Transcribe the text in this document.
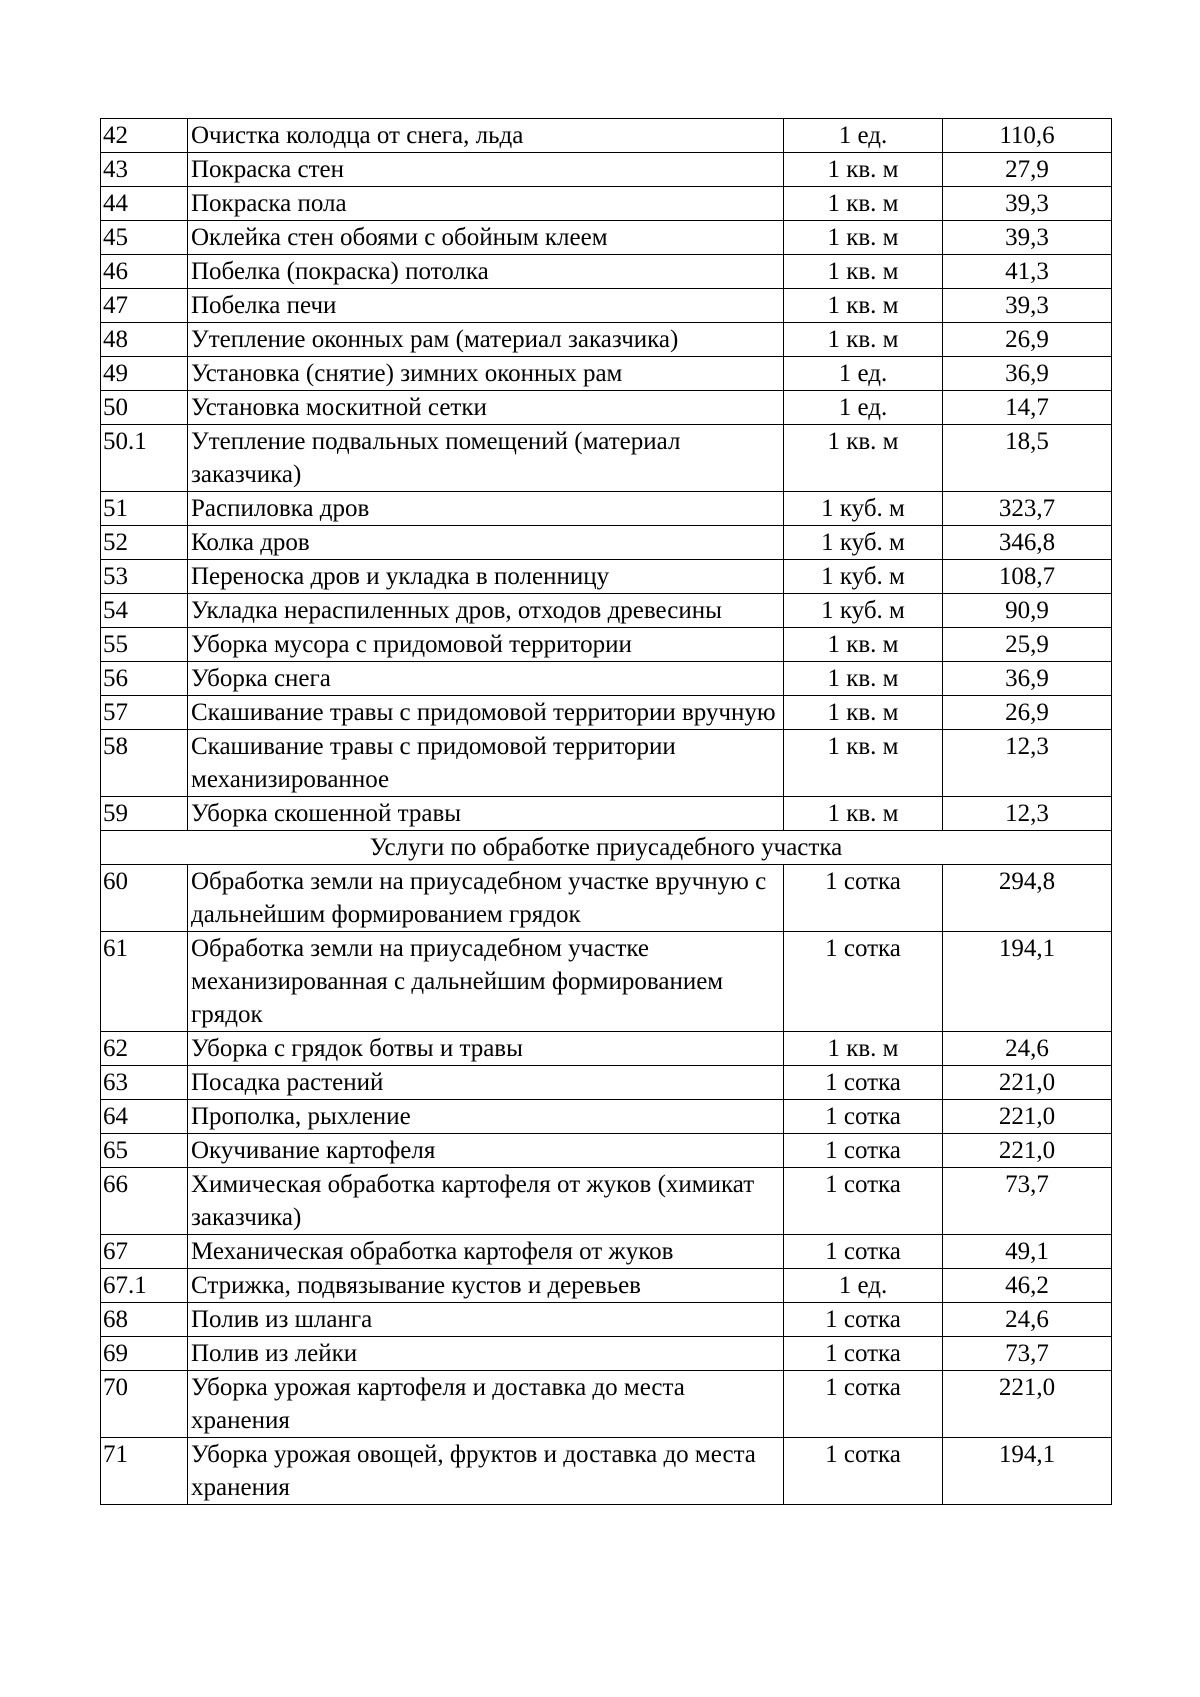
42	Очистка колодца от снега, льда	1 ед.	110,6
43	Покраска стен	1 кв. м	27,9
44	Покраска пола	1 кв. м	39,3
45	Оклейка стен обоями с обойным клеем	1 кв. м	39,3
46	Побелка (покраска) потолка	1 кв. м	41,3
47	Побелка печи	1 кв. м	39,3
48	Утепление оконных рам (материал заказчика)	1 кв. м	26,9
49	Установка (снятие) зимних оконных рам	1 ед.	36,9
50	Установка москитной сетки	1 ед.	14,7
50.1	Утепление подвальных помещений (материал заказчика)	1 кв. м	18,5
51	Распиловка дров	1 куб. м	323,7
52	Колка дров	1 куб. м	346,8
53	Переноска дров и укладка в поленницу	1 куб. м	108,7
54	Укладка нераспиленных дров, отходов древесины	1 куб. м	90,9
55	Уборка мусора с придомовой территории	1 кв. м	25,9
56	Уборка снега	1 кв. м	36,9
57	Скашивание травы с придомовой территории вручную	1 кв. м	26,9
58	Скашивание травы с придомовой территории механизированное	1 кв. м	12,3
59	Уборка скошенной травы	1 кв. м	12,3
Услуги по обработке приусадебного участка			
60	Обработка земли на приусадебном участке вручную с дальнейшим формированием грядок	1 сотка	294,8
61	Обработка земли на приусадебном участке механизированная с дальнейшим формированием грядок	1 сотка	194,1
62	Уборка с грядок ботвы и травы	1 кв. м	24,6
63	Посадка растений	1 сотка	221,0
64	Прополка, рыхление	1 сотка	221,0
65	Окучивание картофеля	1 сотка	221,0
66	Химическая обработка картофеля от жуков (химикат заказчика)	1 сотка	73,7
67	Механическая обработка картофеля от жуков	1 сотка	49,1
67.1	Стрижка, подвязывание кустов и деревьев	1 ед.	46,2
68	Полив из шланга	1 сотка	24,6
69	Полив из лейки	1 сотка	73,7
70	Уборка урожая картофеля и доставка до места хранения	1 сотка	221,0
71	Уборка урожая овощей, фруктов и доставка до места хранения	1 сотка	194,1
